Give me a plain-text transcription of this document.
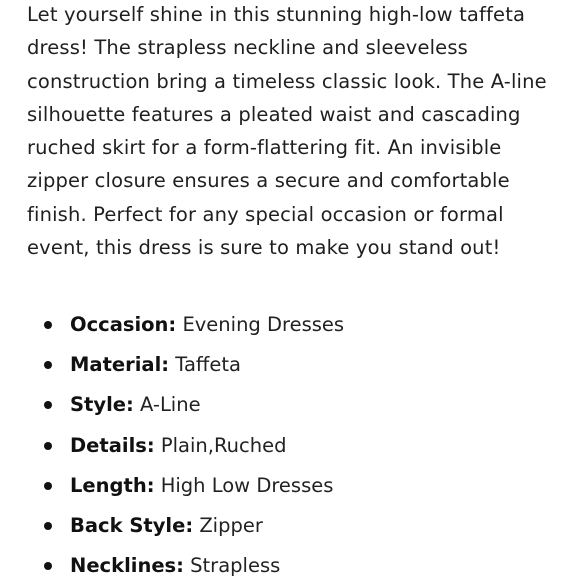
Let yourself shine in this stunning high-low taffeta
dress! The strapless neckline and sleeveless
construction bring a timeless classic look. The A-line
silhouette features a pleated waist and cascading
ruched skirt for a form-flattering fit. An invisible
zipper closure ensures a secure and comfortable
finish. Perfect for any special occasion or formal
event, this dress is sure to make you stand out!

Occasion: Evening Dresses
Material: Taffeta
Style: A-Line
Details: Plain,Ruched
Length: High Low Dresses
Back Style: Zipper
Necklines: Strapless
